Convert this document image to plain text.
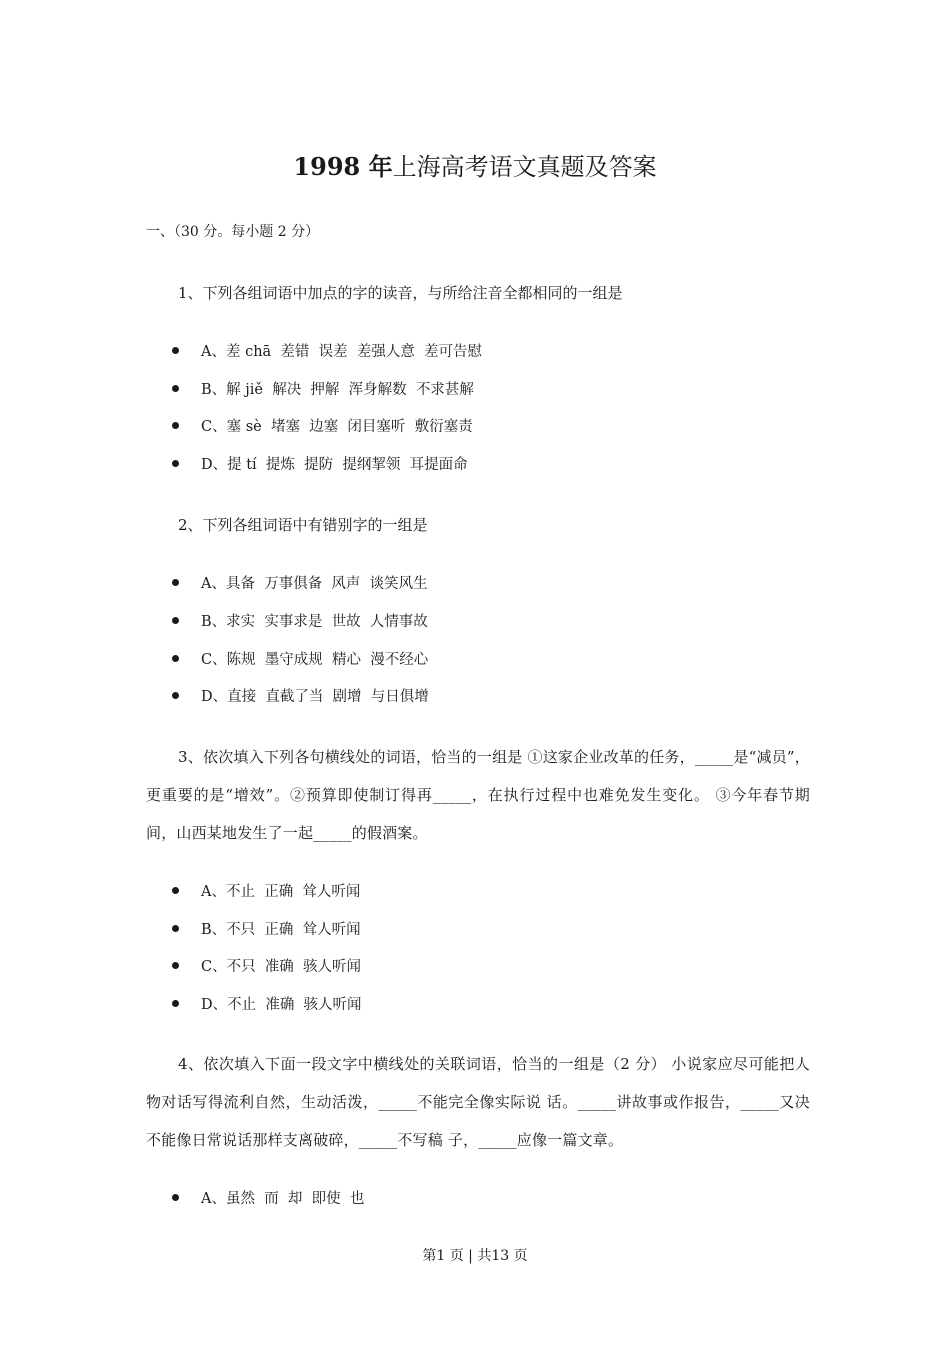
1998 年上海高考语文真题及答案
一、（30 分。每小题 2 分）
1、下列各组词语中加点的字的读音，与所给注音全都相同的一组是
A、差 chā  差错  误差  差强人意  差可告慰
B、解 jiě  解决  押解  浑身解数  不求甚解
C、塞 sè  堵塞  边塞  闭目塞听  敷衍塞责
D、提 tí  提炼  提防  提纲挈领  耳提面命
2、下列各组词语中有错别字的一组是
A、具备  万事俱备  风声  谈笑风生
B、求实  实事求是  世故  人情事故
C、陈规  墨守成规  精心  漫不经心
D、直接  直截了当  剧增  与日俱增
3、依次填入下列各句横线处的词语，恰当的一组是 ①这家企业改革的任务，_____是“减员”，更重要的是“增效”。②预算即使制订得再_____，在执行过程中也难免发生变化。 ③今年春节期间，山西某地发生了一起_____的假酒案。
A、不止  正确  耸人听闻
B、不只  正确  耸人听闻
C、不只  准确  骇人听闻
D、不止  准确  骇人听闻
4、依次填入下面一段文字中横线处的关联词语，恰当的一组是（2 分） 小说家应尽可能把人物对话写得流利自然，生动活泼，_____不能完全像实际说 话。_____讲故事或作报告，_____又决不能像日常说话那样支离破碎，_____不写稿 子，_____应像一篇文章。
A、虽然  而  却  即使  也
第1 页 | 共13 页
